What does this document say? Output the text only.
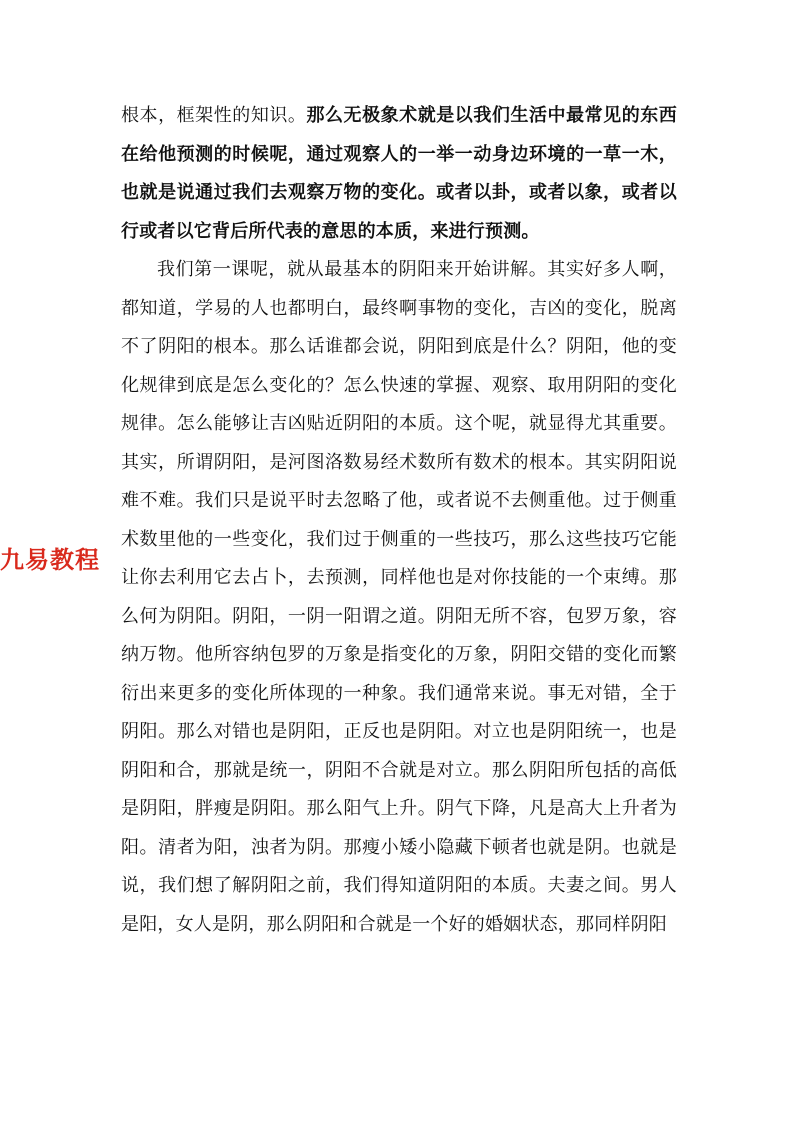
九易教程

根本，框架性的知识。那么无极象术就是以我们生活中最常见的东西在给他预测的时候呢，通过观察人的一举一动身边环境的一草一木，也就是说通过我们去观察万物的变化。或者以卦，或者以象，或者以行或者以它背后所代表的意思的本质，来进行预测。

我们第一课呢，就从最基本的阴阳来开始讲解。其实好多人啊，都知道，学易的人也都明白，最终啊事物的变化，吉凶的变化，脱离不了阴阳的根本。那么话谁都会说，阴阳到底是什么？阴阳，他的变化规律到底是怎么变化的？怎么快速的掌握、观察、取用阴阳的变化规律。怎么能够让吉凶贴近阴阳的本质。这个呢，就显得尤其重要。其实，所谓阴阳，是河图洛数易经术数所有数术的根本。其实阴阳说难不难。我们只是说平时去忽略了他，或者说不去侧重他。过于侧重术数里他的一些变化，我们过于侧重的一些技巧，那么这些技巧它能让你去利用它去占卜，去预测，同样他也是对你技能的一个束缚。那么何为阴阳。阴阳，一阴一阳谓之道。阴阳无所不容，包罗万象，容纳万物。他所容纳包罗的万象是指变化的万象，阴阳交错的变化而繁衍出来更多的变化所体现的一种象。我们通常来说。事无对错，全于阴阳。那么对错也是阴阳，正反也是阴阳。对立也是阴阳统一，也是阴阳和合，那就是统一，阴阳不合就是对立。那么阴阳所包括的高低是阴阳，胖瘦是阴阳。那么阳气上升。阴气下降，凡是高大上升者为阳。清者为阳，浊者为阴。那瘦小矮小隐藏下顿者也就是阴。也就是说，我们想了解阴阳之前，我们得知道阴阳的本质。夫妻之间。男人是阳，女人是阴，那么阴阳和合就是一个好的婚姻状态，那同样阴阳
